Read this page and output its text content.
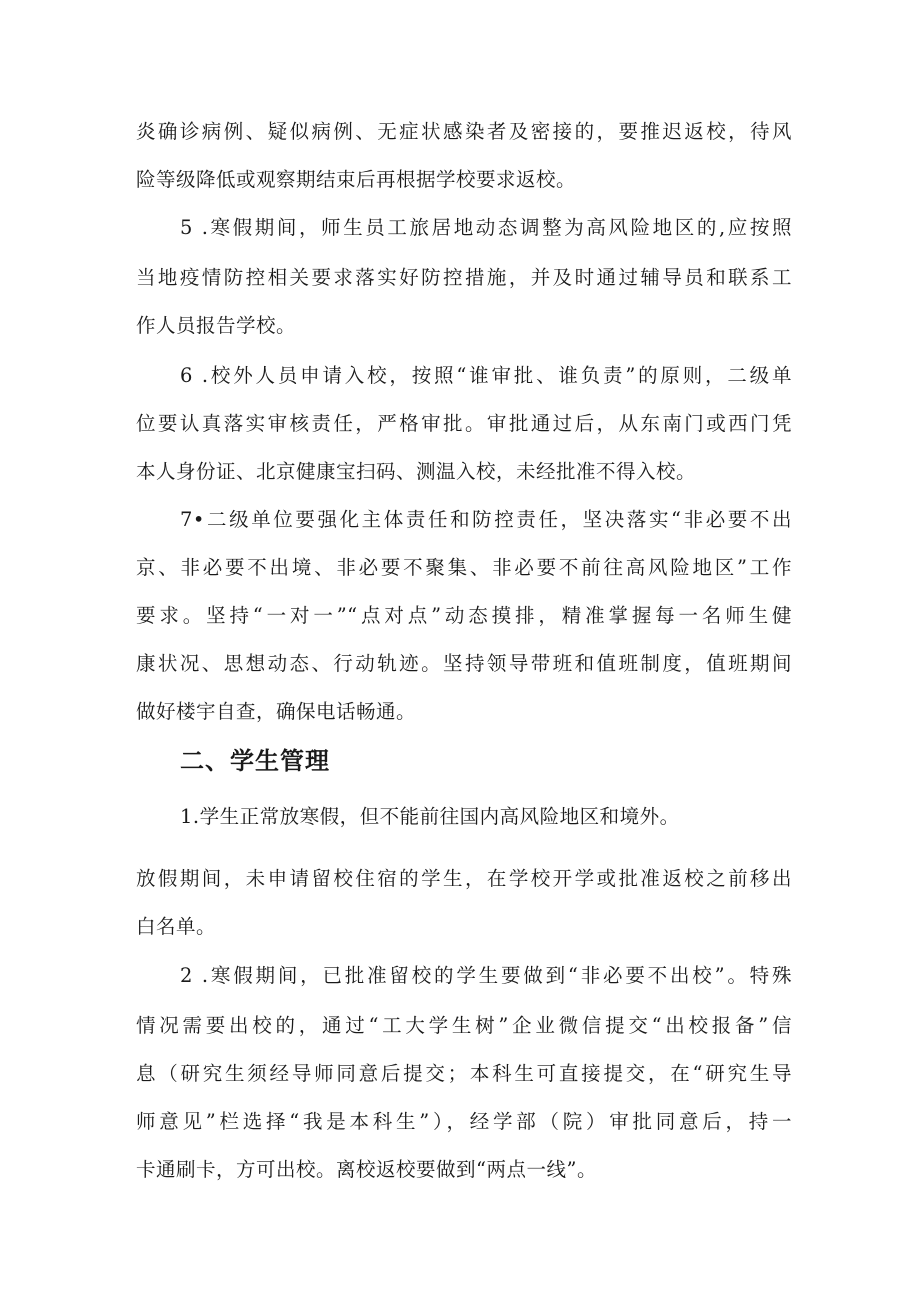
炎确诊病例、疑似病例、无症状感染者及密接的，要推迟返校，待风
险等级降低或观察期结束后再根据学校要求返校。
5 .寒假期间，师生员工旅居地动态调整为高风险地区的,应按照
当地疫情防控相关要求落实好防控措施，并及时通过辅导员和联系工
作人员报告学校。
6 .校外人员申请入校，按照“谁审批、谁负责”的原则，二级单
位要认真落实审核责任，严格审批。审批通过后，从东南门或西门凭
本人身份证、北京健康宝扫码、测温入校，未经批准不得入校。
7•二级单位要强化主体责任和防控责任，坚决落实“非必要不出
京、非必要不出境、非必要不聚集、非必要不前往高风险地区”工作
要求。坚持“一对一”“点对点”动态摸排，精准掌握每一名师生健
康状况、思想动态、行动轨迹。坚持领导带班和值班制度，值班期间
做好楼宇自查，确保电话畅通。
二、学生管理
1.学生正常放寒假，但不能前往国内高风险地区和境外。
放假期间，未申请留校住宿的学生，在学校开学或批准返校之前移出
白名单。
2 .寒假期间，已批准留校的学生要做到“非必要不出校”。特殊
情况需要出校的，通过“工大学生树”企业微信提交“出校报备”信
息（研究生须经导师同意后提交；本科生可直接提交，在“研究生导
师意见”栏选择“我是本科生”），经学部（院）审批同意后，持一
卡通刷卡，方可出校。离校返校要做到“两点一线”。
